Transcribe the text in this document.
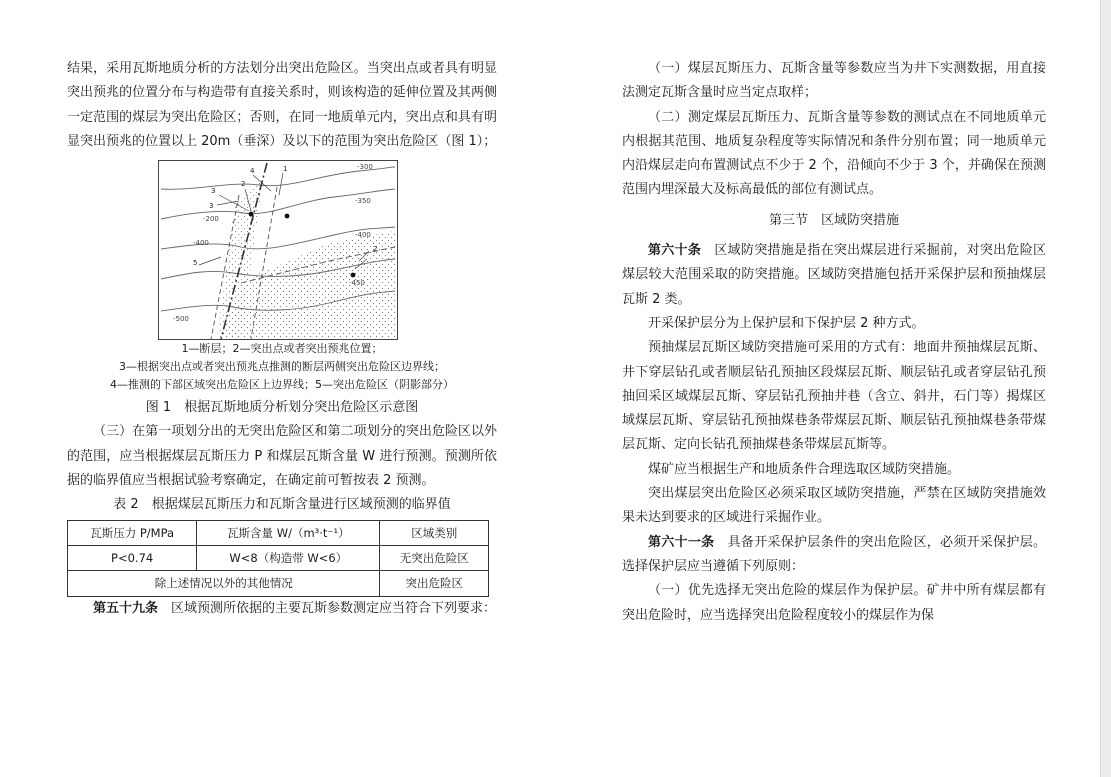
结果，采用瓦斯地质分析的方法划分出突出危险区。当突出点或者具有明显突出预兆的位置分布与构造带有直接关系时，则该构造的延伸位置及其两侧一定范围的煤层为突出危险区；否则，在同一地质单元内，突出点和具有明显突出预兆的位置以上 20m（垂深）及以下的范围为突出危险区（图 1）；

-300
-350
-400
-450
-500
-400
-200
2
3
3
4	1
2
5
1—断层；2—突出点或者突出预兆位置；
3—根据突出点或者突出预兆点推测的断层两侧突出危险区边界线；
4—推测的下部区域突出危险区上边界线；5—突出危险区（阴影部分）
图 1　根据瓦斯地质分析划分突出危险区示意图

（三）在第一项划分出的无突出危险区和第二项划分的突出危险区以外的范围，应当根据煤层瓦斯压力 P 和煤层瓦斯含量 W 进行预测。预测所依据的临界值应当根据试验考察确定，在确定前可暂按表 2 预测。

表 2　根据煤层瓦斯压力和瓦斯含量进行区域预测的临界值
瓦斯压力 P/MPa	瓦斯含量 W/（m³·t⁻¹）	区域类别
P<0.74	W<8（构造带 W<6）	无突出危险区
除上述情况以外的其他情况		突出危险区

第五十九条　区域预测所依据的主要瓦斯参数测定应当符合下列要求：

（一）煤层瓦斯压力、瓦斯含量等参数应当为井下实测数据，用直接法测定瓦斯含量时应当定点取样；

（二）测定煤层瓦斯压力、瓦斯含量等参数的测试点在不同地质单元内根据其范围、地质复杂程度等实际情况和条件分别布置；同一地质单元内沿煤层走向布置测试点不少于 2 个，沿倾向不少于 3 个，并确保在预测范围内埋深最大及标高最低的部位有测试点。

第三节　区域防突措施

第六十条　区域防突措施是指在突出煤层进行采掘前，对突出危险区煤层较大范围采取的防突措施。区域防突措施包括开采保护层和预抽煤层瓦斯 2 类。

开采保护层分为上保护层和下保护层 2 种方式。

预抽煤层瓦斯区域防突措施可采用的方式有：地面井预抽煤层瓦斯、井下穿层钻孔或者顺层钻孔预抽区段煤层瓦斯、顺层钻孔或者穿层钻孔预抽回采区域煤层瓦斯、穿层钻孔预抽井巷（含立、斜井，石门等）揭煤区域煤层瓦斯、穿层钻孔预抽煤巷条带煤层瓦斯、顺层钻孔预抽煤巷条带煤层瓦斯、定向长钻孔预抽煤巷条带煤层瓦斯等。

煤矿应当根据生产和地质条件合理选取区域防突措施。

突出煤层突出危险区必须采取区域防突措施，严禁在区域防突措施效果未达到要求的区域进行采掘作业。

第六十一条　具备开采保护层条件的突出危险区，必须开采保护层。选择保护层应当遵循下列原则：

（一）优先选择无突出危险的煤层作为保护层。矿井中所有煤层都有突出危险时，应当选择突出危险程度较小的煤层作为保
